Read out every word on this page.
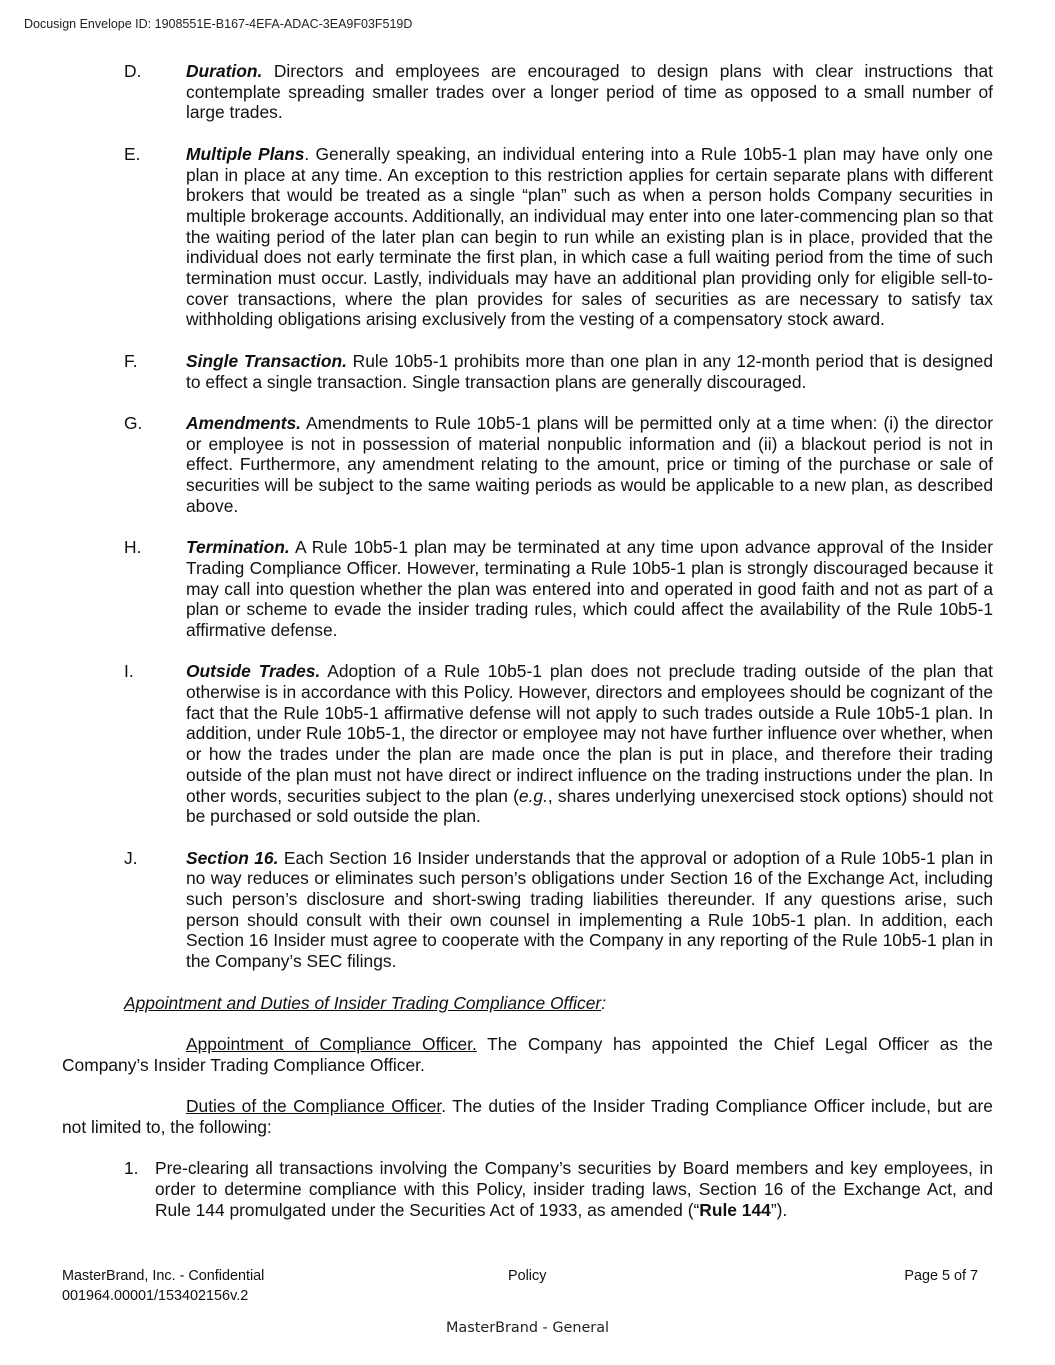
Docusign Envelope ID: 1908551E-B167-4EFA-ADAC-3EA9F03F519D
D.	Duration. Directors and employees are encouraged to design plans with clear instructions that contemplate spreading smaller trades over a longer period of time as opposed to a small number of large trades.
E.	Multiple Plans. Generally speaking, an individual entering into a Rule 10b5-1 plan may have only one plan in place at any time. An exception to this restriction applies for certain separate plans with different brokers that would be treated as a single “plan” such as when a person holds Company securities in multiple brokerage accounts. Additionally, an individual may enter into one later-commencing plan so that the waiting period of the later plan can begin to run while an existing plan is in place, provided that the individual does not early terminate the first plan, in which case a full waiting period from the time of such termination must occur. Lastly, individuals may have an additional plan providing only for eligible sell-to-cover transactions, where the plan provides for sales of securities as are necessary to satisfy tax withholding obligations arising exclusively from the vesting of a compensatory stock award.
F.	Single Transaction. Rule 10b5-1 prohibits more than one plan in any 12-month period that is designed to effect a single transaction. Single transaction plans are generally discouraged.
G.	Amendments. Amendments to Rule 10b5-1 plans will be permitted only at a time when: (i) the director or employee is not in possession of material nonpublic information and (ii) a blackout period is not in effect. Furthermore, any amendment relating to the amount, price or timing of the purchase or sale of securities will be subject to the same waiting periods as would be applicable to a new plan, as described above.
H.	Termination. A Rule 10b5-1 plan may be terminated at any time upon advance approval of the Insider Trading Compliance Officer. However, terminating a Rule 10b5-1 plan is strongly discouraged because it may call into question whether the plan was entered into and operated in good faith and not as part of a plan or scheme to evade the insider trading rules, which could affect the availability of the Rule 10b5-1 affirmative defense.
I.	Outside Trades. Adoption of a Rule 10b5-1 plan does not preclude trading outside of the plan that otherwise is in accordance with this Policy. However, directors and employees should be cognizant of the fact that the Rule 10b5-1 affirmative defense will not apply to such trades outside a Rule 10b5-1 plan. In addition, under Rule 10b5-1, the director or employee may not have further influence over whether, when or how the trades under the plan are made once the plan is put in place, and therefore their trading outside of the plan must not have direct or indirect influence on the trading instructions under the plan. In other words, securities subject to the plan (e.g., shares underlying unexercised stock options) should not be purchased or sold outside the plan.
J.	Section 16. Each Section 16 Insider understands that the approval or adoption of a Rule 10b5-1 plan in no way reduces or eliminates such person’s obligations under Section 16 of the Exchange Act, including such person’s disclosure and short-swing trading liabilities thereunder. If any questions arise, such person should consult with their own counsel in implementing a Rule 10b5-1 plan. In addition, each Section 16 Insider must agree to cooperate with the Company in any reporting of the Rule 10b5-1 plan in the Company’s SEC filings.
Appointment and Duties of Insider Trading Compliance Officer:
Appointment of Compliance Officer. The Company has appointed the Chief Legal Officer as the Company’s Insider Trading Compliance Officer.
Duties of the Compliance Officer. The duties of the Insider Trading Compliance Officer include, but are not limited to, the following:
1. Pre-clearing all transactions involving the Company’s securities by Board members and key employees, in order to determine compliance with this Policy, insider trading laws, Section 16 of the Exchange Act, and Rule 144 promulgated under the Securities Act of 1933, as amended (“Rule 144”).
MasterBrand, Inc. - Confidential
001964.00001/153402156v.2
Page 5 of 7
Policy
MasterBrand - General
